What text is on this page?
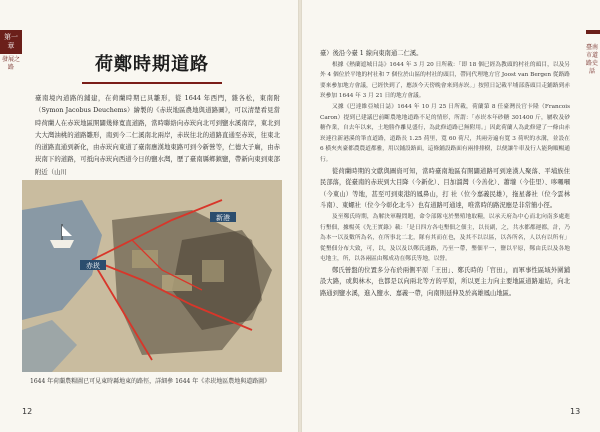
第一章
發展之路	荷鄭時期道路
臺南境內道路的鋪建，在荷蘭時期已具雛形，從 1644 年西門，雜各松，東南附（Symon Jacobus Deuchems）繪製的《赤崁地區農地與道路圖》，可以清楚看見當時荷蘭人在赤崁地區開闢幾條寬直道路，當時聯絡向赤崁向北可到鹽水溪南岸，東北到大大灣油桃的道路雛形，南到今二仁溪南北兩岸，赤崁往北的道路直通至赤崁，往東北的道路直通到新化，由赤崁向東道了臺南應漢地東路可到今新營等，仁德大子廟，由赤崁南下的道路，可抵向赤崁向西道今日的鹽水灣，歷了臺南縣鄉鎮鹽，帶新向東到東部附近（山川
赤崁
新港
1644 年荷蘭農糧圖已可見東時縣地東的路徑，詳細參 1644 年《赤崁地區農地與道路圖》
12
臺南市道路史話

臺）後沿今臺 1 線向東南通二仁溪。

根據《熱蘭遮城日誌》1644 年 3 月 20 日所載：「即 18 個已經為教頭的村社的頭目，以及另外 4 個位於平地的村社和 7 個位於山區的村社的頭目，帶同代理地方官 Joost van Bergen 從路路要來參加地方會議，已經快到了，應該今天傍晚會來到赤崁。」按照日記載平埔部落頭目走鋪路到赤崁參加 1644 年 3 月 21 日的地方會議。

又據《巴達維亞城日誌》1644 年 10 月 25 日所載，荷蘭第 8 任臺灣長官卡隆（Francois Caron）提到已建議巴前斷農地地道路不足的情形，所謂：「赤崁本年砂糖 301400 斤，屬收及砂糖作業，自去年以來，土地勝作離見盛行，為此修道路已無附用。」因此荷蘭人為此修建了一條由赤崁連往新港溪的筆直道路，道路長 1.25 荷里，寬 60 荷尺，其兩旁遍有寬 3 荷呎的水溝，並設在 6 横夾夾臺都農農道都雅，用以鋪設路面，這條鋪設路面有兩排排樹，以便讓牛車及行人能夠順暢通行。

從荷蘭時期的文獻與圖資可知，當時臺南地區有開闢道路可到達漢人聚落、平埔族住民部落，從臺南的赤崁到大目降（今新化）、目加溜灣（今善化）、蕭壠（今佳里）、哆囉嘓（今東山）等地，甚至可到東港的鳳鼻山，打 社（位今嘉義民雄），拖星蕃社（位今雲林斗南）、東螺社（位今今彰化北斗）也有道路可通達，唯當時的路況應是非常簡小徑。

及至鄭氏時期，為解決軍糧問題，命令部隊屯於墾殖地取糧，以承天府為中心而北向南多處進行墾佃，據楊英《先王實錄》載：「是日四方各屯墾佃之佃主，以長副，之，共水都都運都，計，乃為本一以及數所為名，在所事北二北，隊有其而在也，及其不以以區，以各所名，人以有以所有」從墾佃分布大致，可，以，及以及以鄭氏通路，乃至一帶，墾佃平一，鹽以平原，鄭由氏以及各地屯地主，所，以各兩區由鄭成功在鄭氏等地，以營。

鄭氏營盤的位置多分布於兩側平原「王田」、鄭氏時的「官田」，而軍事性區域外圍鋪設大路，或與林木，也都是以向兩北等方的平原，所以更主力向主要地區道路連結，向北路通到鹽水溪，進入鹽水、嘉義一帶，向南則延伸及於高雄鳳山地區。

13
